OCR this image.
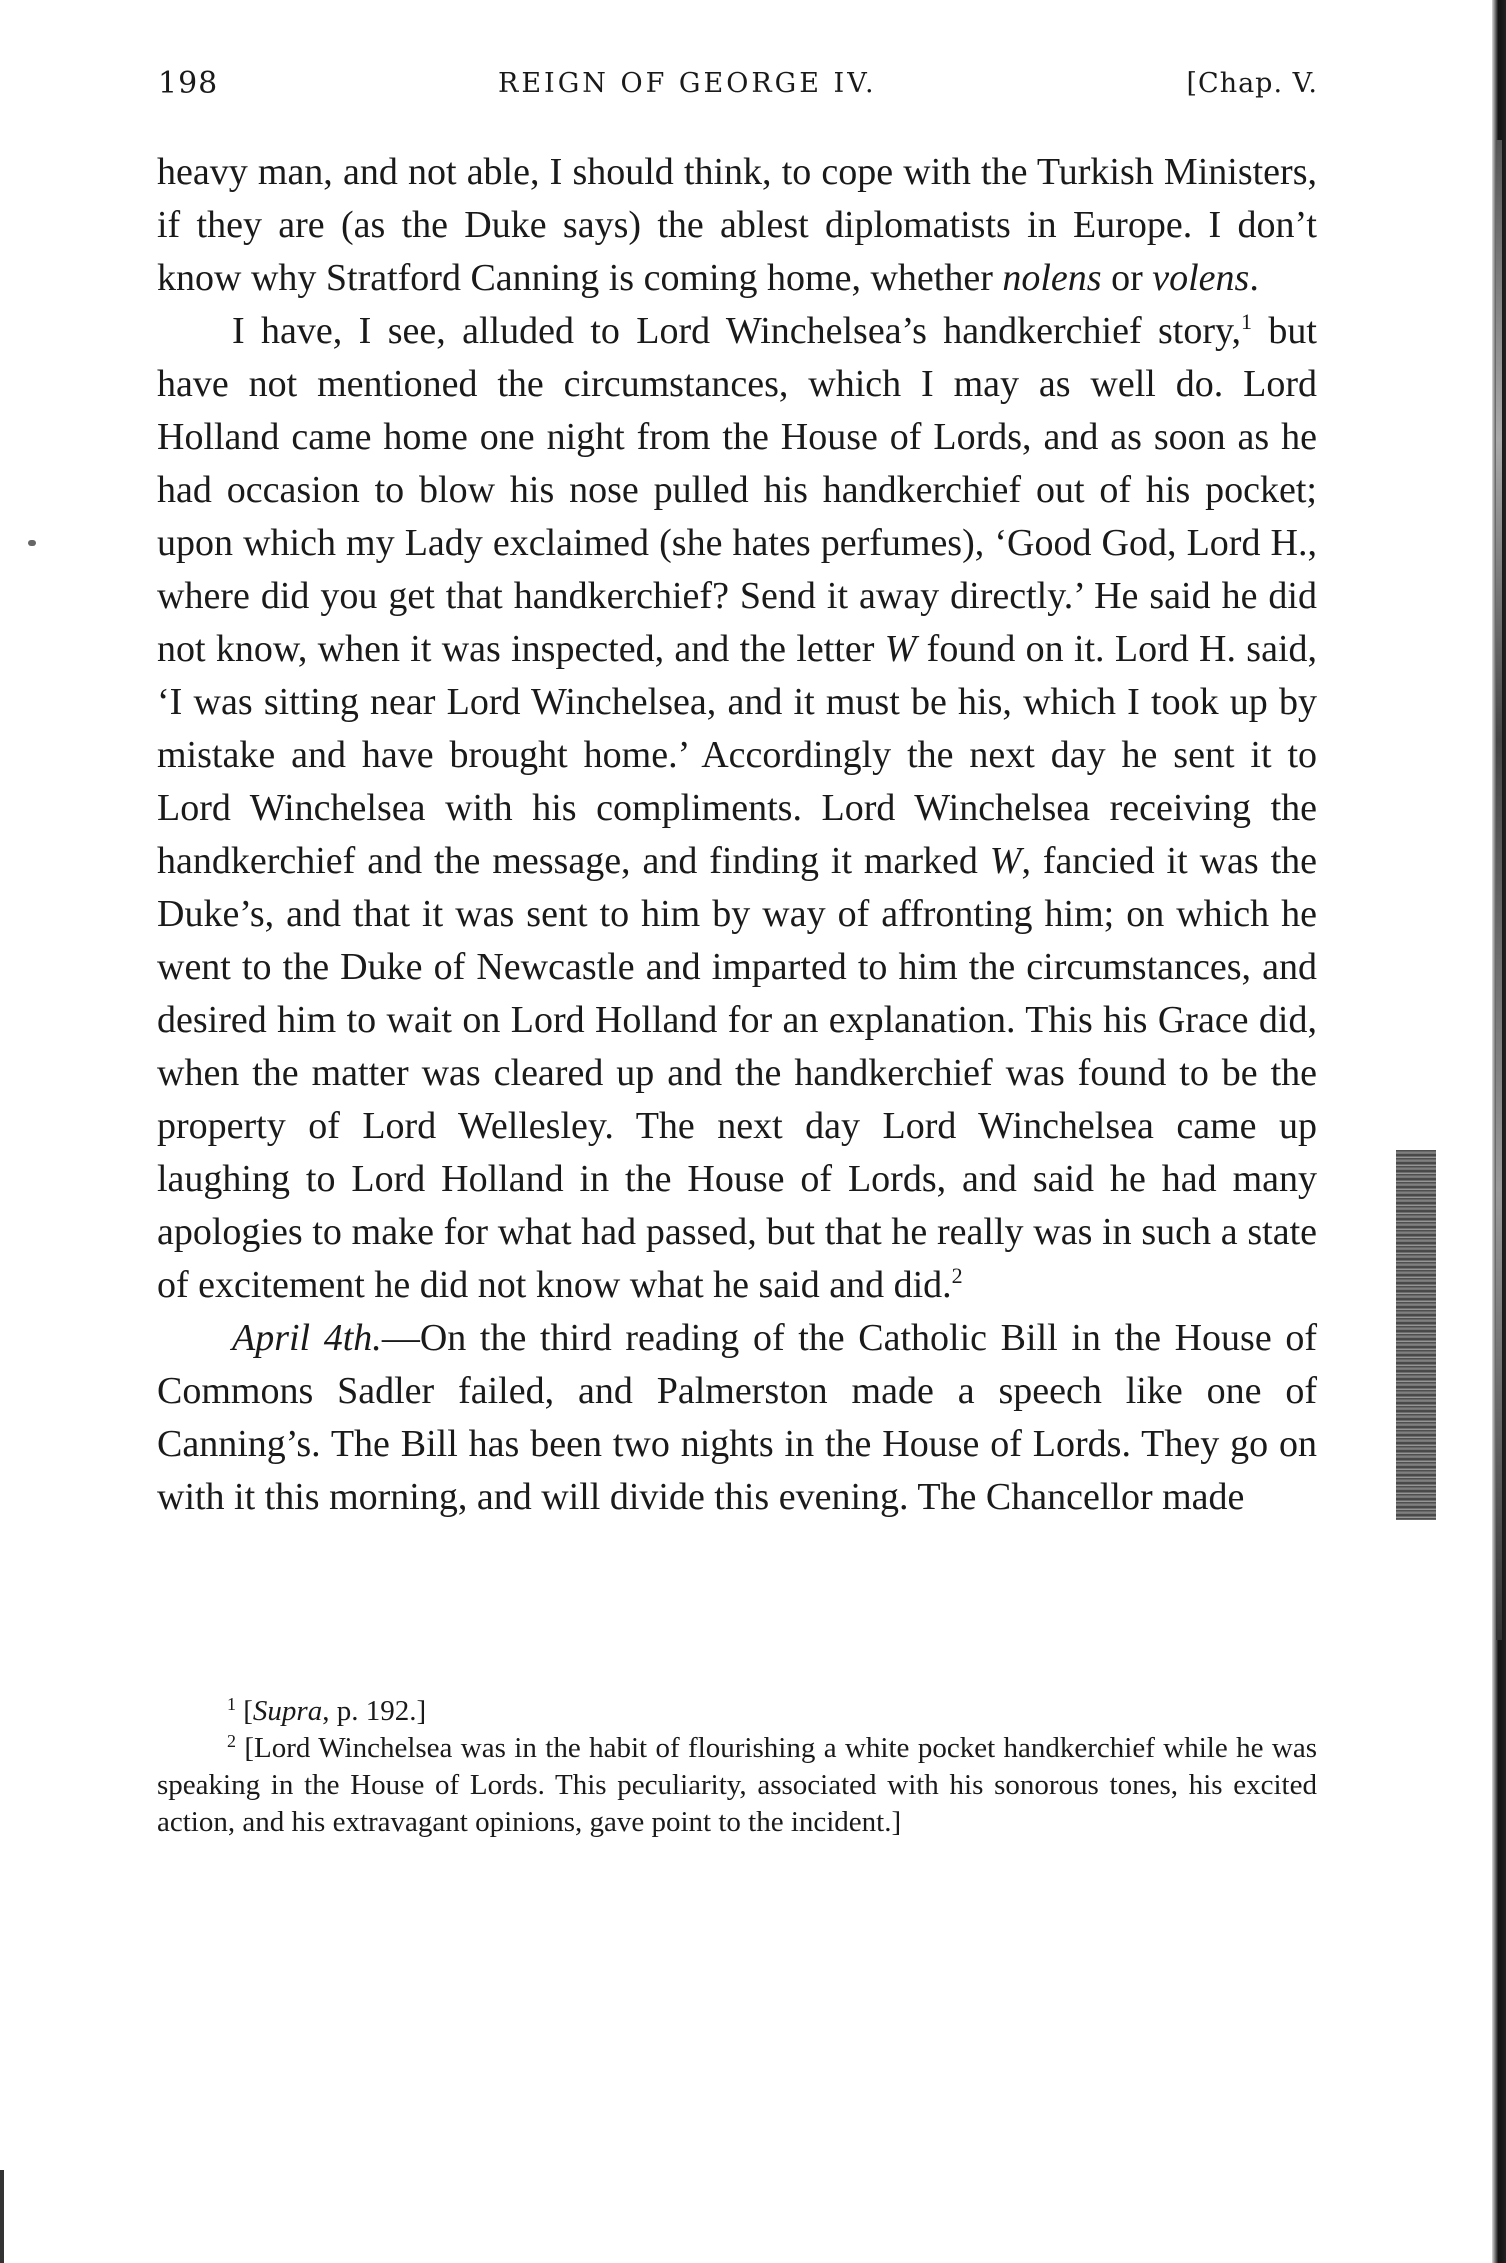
198	REIGN OF GEORGE IV.	[Chap. V.

heavy man, and not able, I should think, to cope with the Turkish Ministers, if they are (as the Duke says) the ablest diplomatists in Europe. I don’t know why Stratford Canning is coming home, whether nolens or volens.

I have, I see, alluded to Lord Winchelsea’s handkerchief story,$^1$ but have not mentioned the circumstances, which I may as well do. Lord Holland came home one night from the House of Lords, and as soon as he had occasion to blow his nose pulled his handkerchief out of his pocket; upon which my Lady exclaimed (she hates perfumes), ‘Good God, Lord H., where did you get that handkerchief? Send it away directly.’ He said he did not know, when it was inspected, and the letter W found on it. Lord H. said, ‘I was sitting near Lord Winchelsea, and it must be his, which I took up by mistake and have brought home.’ Accordingly the next day he sent it to Lord Winchelsea with his compliments. Lord Winchelsea receiving the handkerchief and the message, and finding it marked W, fancied it was the Duke’s, and that it was sent to him by way of affronting him; on which he went to the Duke of Newcastle and imparted to him the circumstances, and desired him to wait on Lord Holland for an explanation. This his Grace did, when the matter was cleared up and the handkerchief was found to be the property of Lord Wellesley. The next day Lord Winchelsea came up laughing to Lord Holland in the House of Lords, and said he had many apologies to make for what had passed, but that he really was in such a state of excitement he did not know what he said and did.$^2$

April 4th.—On the third reading of the Catholic Bill in the House of Commons Sadler failed, and Palmerston made a speech like one of Canning’s. The Bill has been two nights in the House of Lords. They go on with it this morning, and will divide this evening. The Chancellor made

$^1$ [Supra, p. 192.]

$^2$ [Lord Winchelsea was in the habit of flourishing a white pocket handkerchief while he was speaking in the House of Lords. This peculiarity, associated with his sonorous tones, his excited action, and his extravagant opinions, gave point to the incident.]
